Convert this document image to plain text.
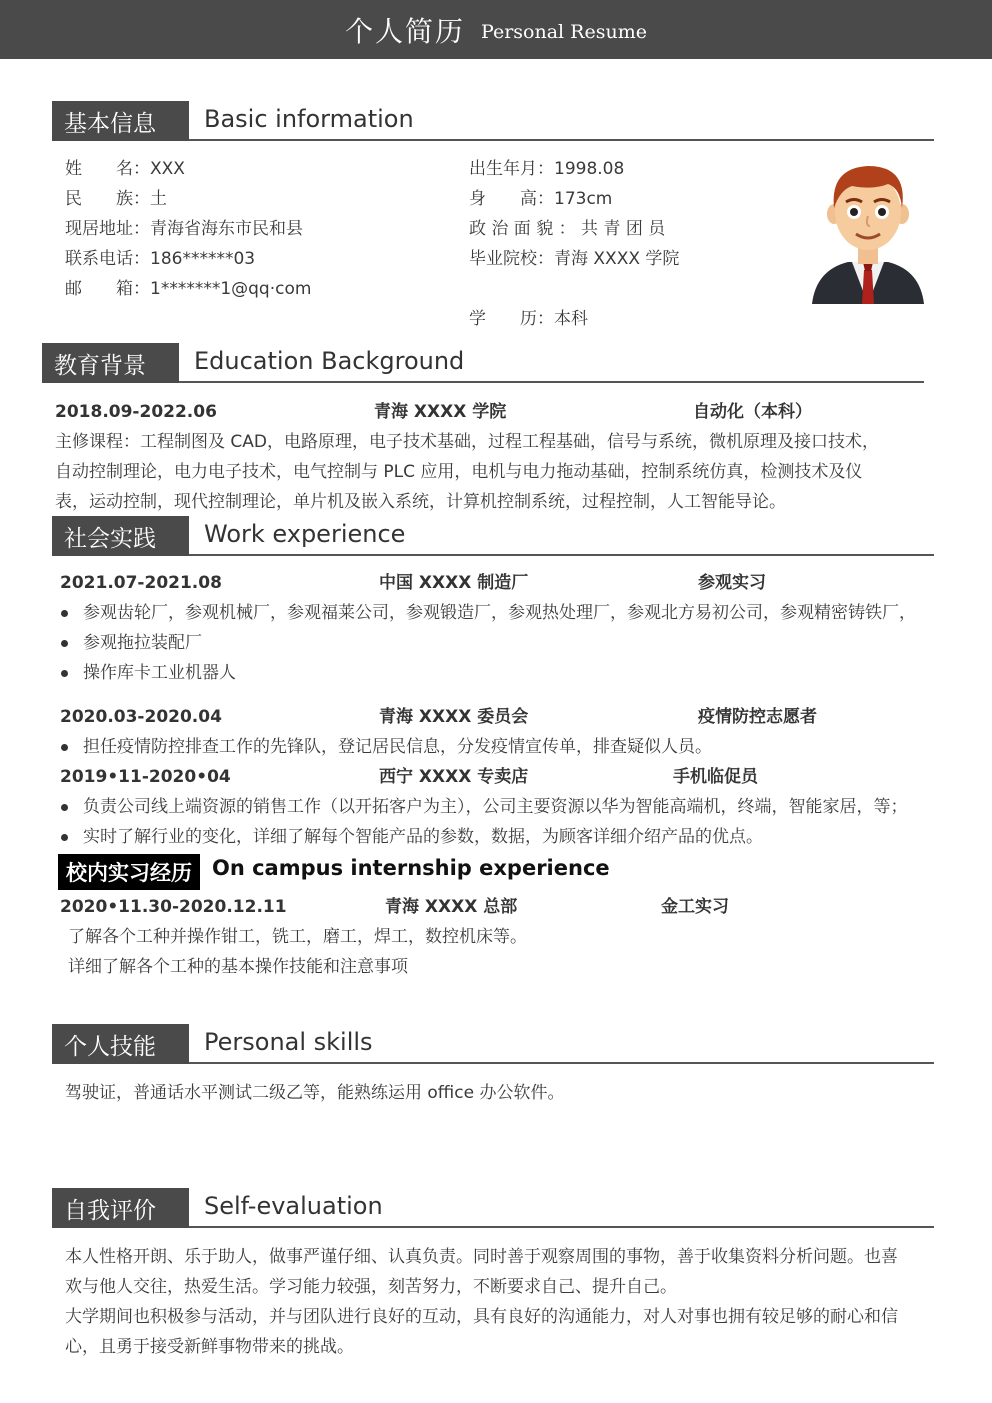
个人简历 Personal Resume
基本信息	Basic information
姓　　名：XXX
民　　族：土
现居地址：青海省海东市民和县
联系电话：186******03
邮　　箱：1*******1@qq·com
出生年月：1998.08
身　　高：173cm
政 治 面 貌 ： 共 青 团 员
毕业院校：青海 XXXX 学院
学　　历：本科
教育背景	Education Background
2018.09-2022.06	青海 XXXX 学院	自动化（本科）
主修课程：工程制图及 CAD，电路原理，电子技术基础，过程工程基础，信号与系统，微机原理及接口技术，
自动控制理论，电力电子技术，电气控制与 PLC 应用，电机与电力拖动基础，控制系统仿真，检测技术及仪
表，运动控制，现代控制理论，单片机及嵌入系统，计算机控制系统，过程控制，人工智能导论。
社会实践	Work experience
2021.07-2021.08	中国 XXXX 制造厂	参观实习
参观齿轮厂，参观机械厂，参观福莱公司，参观锻造厂，参观热处理厂，参观北方易初公司，参观精密铸铁厂，
参观拖拉装配厂
操作库卡工业机器人
2020.03-2020.04	青海 XXXX 委员会	疫情防控志愿者
担任疫情防控排查工作的先锋队，登记居民信息，分发疫情宣传单，排查疑似人员。
2019•11-2020•04	西宁 XXXX 专卖店	手机临促员
负责公司线上端资源的销售工作（以开拓客户为主），公司主要资源以华为智能高端机，终端，智能家居，等；
实时了解行业的变化，详细了解每个智能产品的参数，数据，为顾客详细介绍产品的优点。
校内实习经历 On campus internship experience
2020•11.30-2020.12.11	青海 XXXX 总部	金工实习
了解各个工种并操作钳工，铣工，磨工，焊工，数控机床等。
详细了解各个工种的基本操作技能和注意事项
个人技能	Personal skills
驾驶证，普通话水平测试二级乙等，能熟练运用 office 办公软件。
自我评价	Self-evaluation
本人性格开朗、乐于助人，做事严谨仔细、认真负责。同时善于观察周围的事物，善于收集资料分析问题。也喜
欢与他人交往，热爱生活。学习能力较强，刻苦努力，不断要求自己、提升自己。
大学期间也积极参与活动，并与团队进行良好的互动，具有良好的沟通能力，对人对事也拥有较足够的耐心和信
心，且勇于接受新鲜事物带来的挑战。
